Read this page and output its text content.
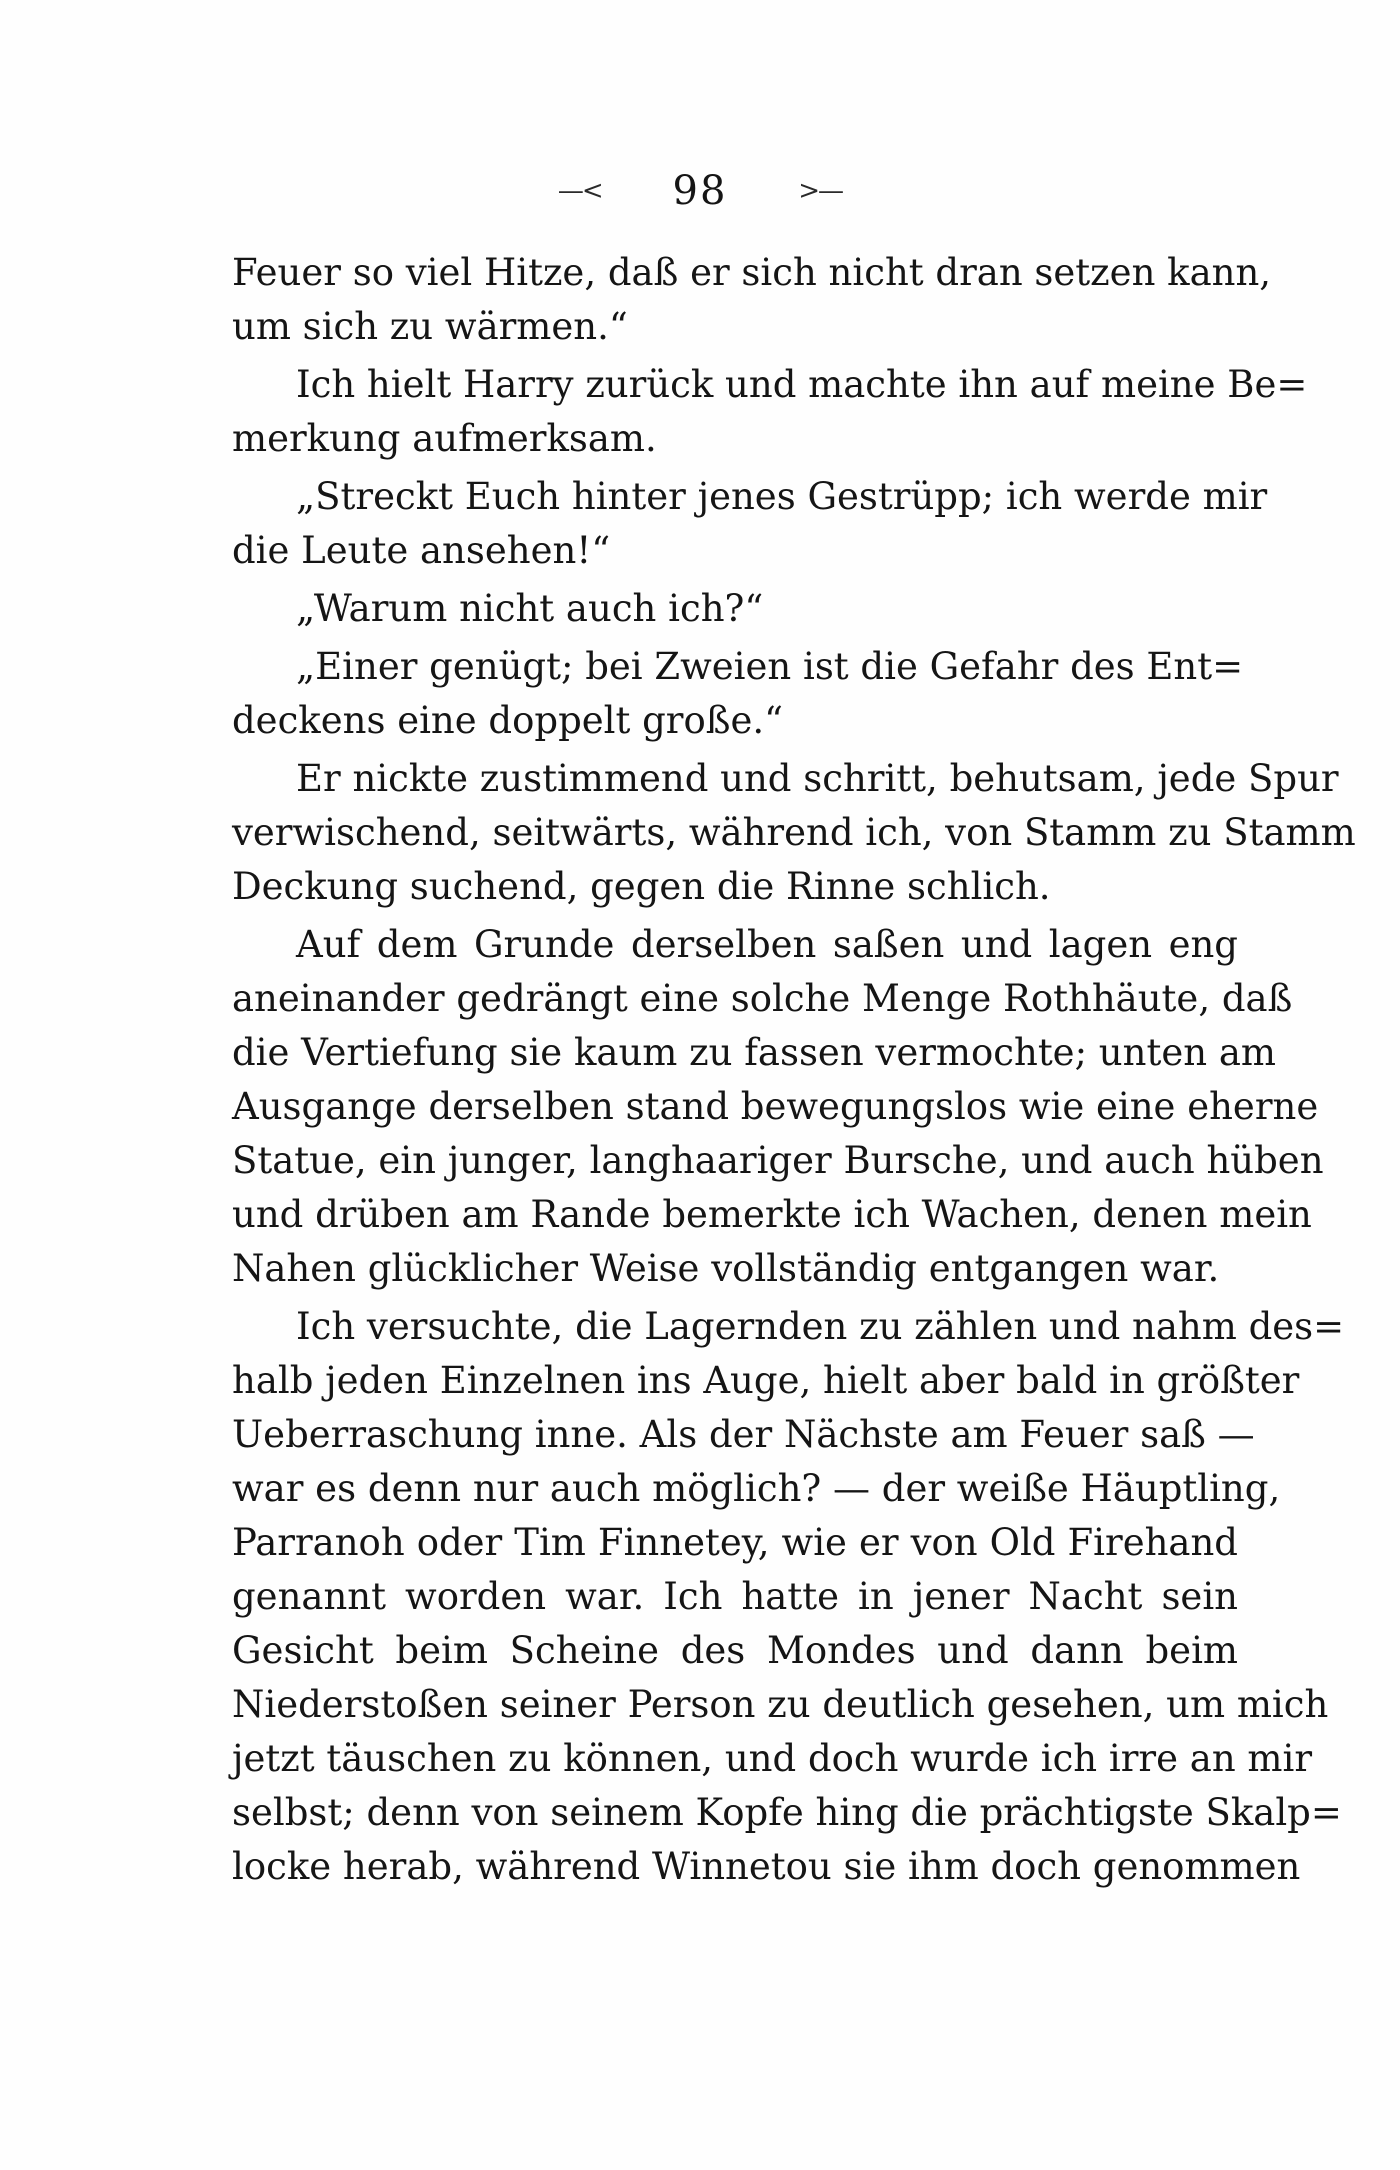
—< 98	>—
Feuer so viel Hitze, daß er sich nicht dran setzen kann,
um sich zu wärmen.“
Ich hielt Harry zurück und machte ihn auf meine Be=
merkung aufmerksam.
„Streckt Euch hinter jenes Gestrüpp; ich werde mir
die Leute ansehen!“
„Warum nicht auch ich?“
„Einer genügt; bei Zweien ist die Gefahr des Ent=
deckens eine doppelt große.“
Er nickte zustimmend und schritt, behutsam, jede Spur
verwischend, seitwärts, während ich, von Stamm zu Stamm
Deckung suchend, gegen die Rinne schlich.
Auf dem Grunde derselben saßen und lagen eng
aneinander gedrängt eine solche Menge Rothhäute, daß
die Vertiefung sie kaum zu fassen vermochte; unten am
Ausgange derselben stand bewegungslos wie eine eherne
Statue, ein junger, langhaariger Bursche, und auch hüben
und drüben am Rande bemerkte ich Wachen, denen mein
Nahen glücklicher Weise vollständig entgangen war.
Ich versuchte, die Lagernden zu zählen und nahm des=
halb jeden Einzelnen ins Auge, hielt aber bald in größter
Ueberraschung inne. Als der Nächste am Feuer saß —
war es denn nur auch möglich? — der weiße Häuptling,
Parranoh oder Tim Finnetey, wie er von Old Firehand
genannt worden war. Ich hatte in jener Nacht sein
Gesicht beim Scheine des Mondes und dann beim
Niederstoßen seiner Person zu deutlich gesehen, um mich
jetzt täuschen zu können, und doch wurde ich irre an mir
selbst; denn von seinem Kopfe hing die prächtigste Skalp=
locke herab, während Winnetou sie ihm doch genommen
